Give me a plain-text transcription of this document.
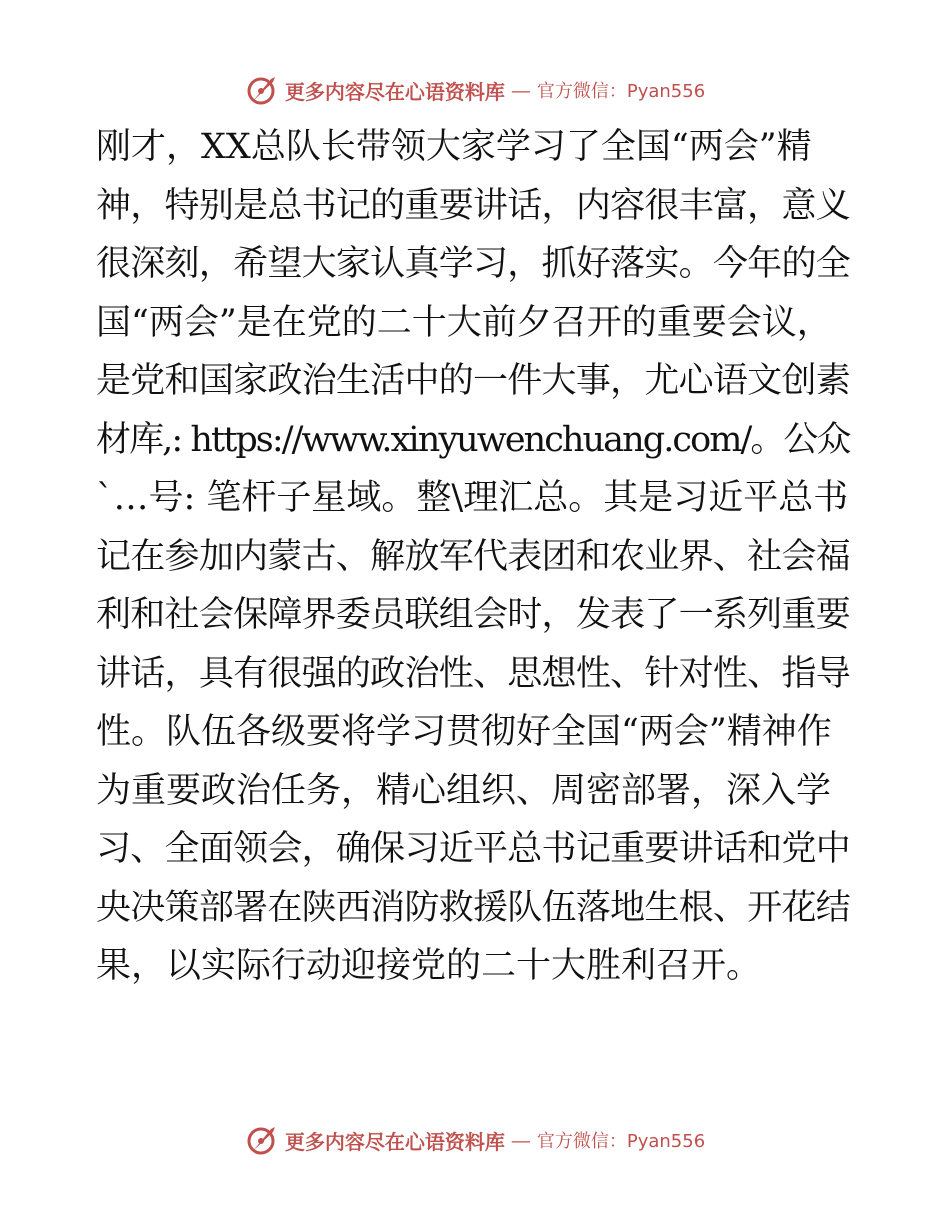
更多内容尽在心语资料库 — 官方微信：Pyan556
刚才，XX总队长带领大家学习了全国“两会”精
神，特别是总书记的重要讲话，内容很丰富，意义
很深刻，希望大家认真学习，抓好落实。今年的全
国“两会”是在党的二十大前夕召开的重要会议，
是党和国家政治生活中的一件大事，尤心语文创素
材库,: https://www.xinyuwenchuang.com/。公众
`…号: 笔杆子星域。整\理汇总。其是习近平总书
记在参加内蒙古、解放军代表团和农业界、社会福
利和社会保障界委员联组会时，发表了一系列重要
讲话，具有很强的政治性、思想性、针对性、指导
性。队伍各级要将学习贯彻好全国“两会”精神作
为重要政治任务，精心组织、周密部署，深入学
习、全面领会，确保习近平总书记重要讲话和党中
央决策部署在陕西消防救援队伍落地生根、开花结
果，以实际行动迎接党的二十大胜利召开。
更多内容尽在心语资料库 — 官方微信：Pyan556
